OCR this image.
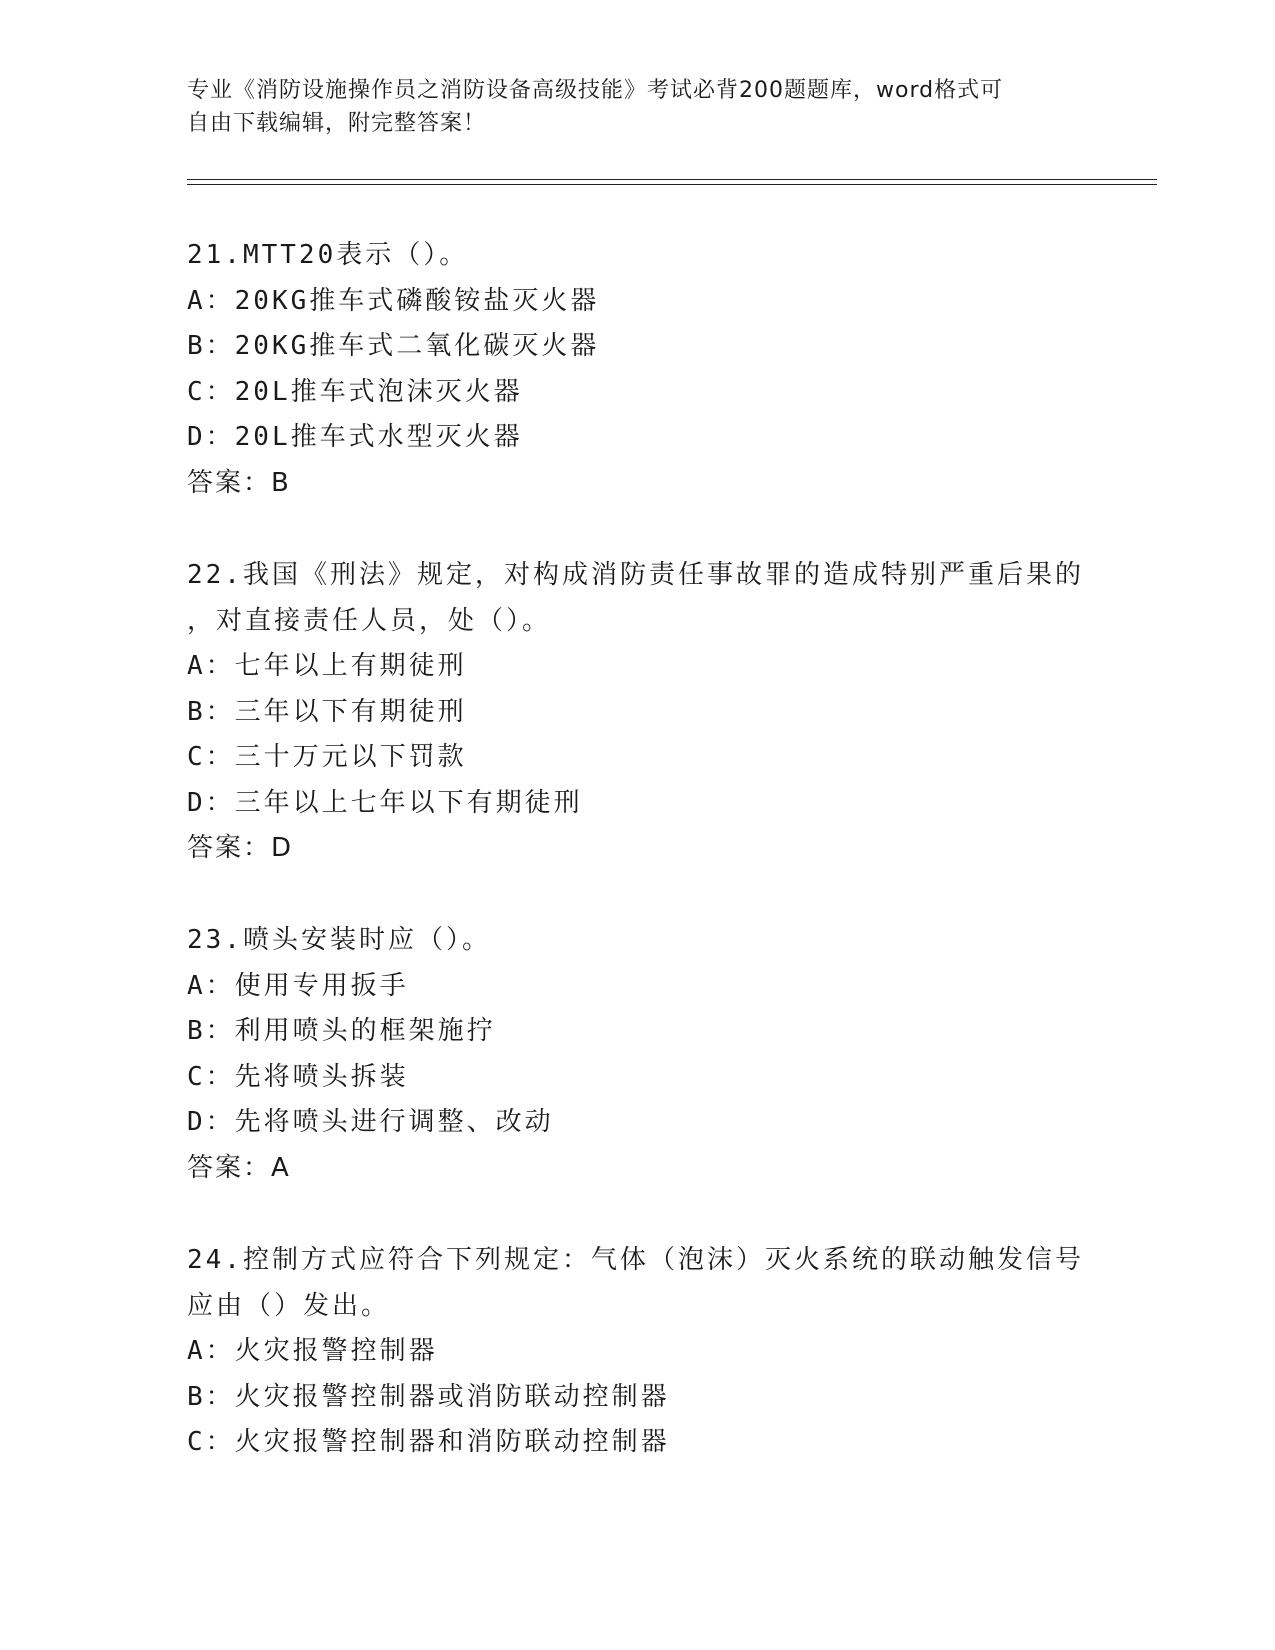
专业《消防设施操作员之消防设备高级技能》考试必背200题题库，word格式可
自由下载编辑，附完整答案！
21.MTT20表示（）。
A：20KG推车式磷酸铵盐灭火器
B：20KG推车式二氧化碳灭火器
C：20L推车式泡沫灭火器
D：20L推车式水型灭火器
答案：B
22.我国《刑法》规定，对构成消防责任事故罪的造成特别严重后果的
，对直接责任人员，处（）。
A：七年以上有期徒刑
B：三年以下有期徒刑
C：三十万元以下罚款
D：三年以上七年以下有期徒刑
答案：D
23.喷头安装时应（）。
A：使用专用扳手
B：利用喷头的框架施拧
C：先将喷头拆装
D：先将喷头进行调整、改动
答案：A
24.控制方式应符合下列规定：气体（泡沫）灭火系统的联动触发信号
应由（）发出。
A：火灾报警控制器
B：火灾报警控制器或消防联动控制器
C：火灾报警控制器和消防联动控制器
